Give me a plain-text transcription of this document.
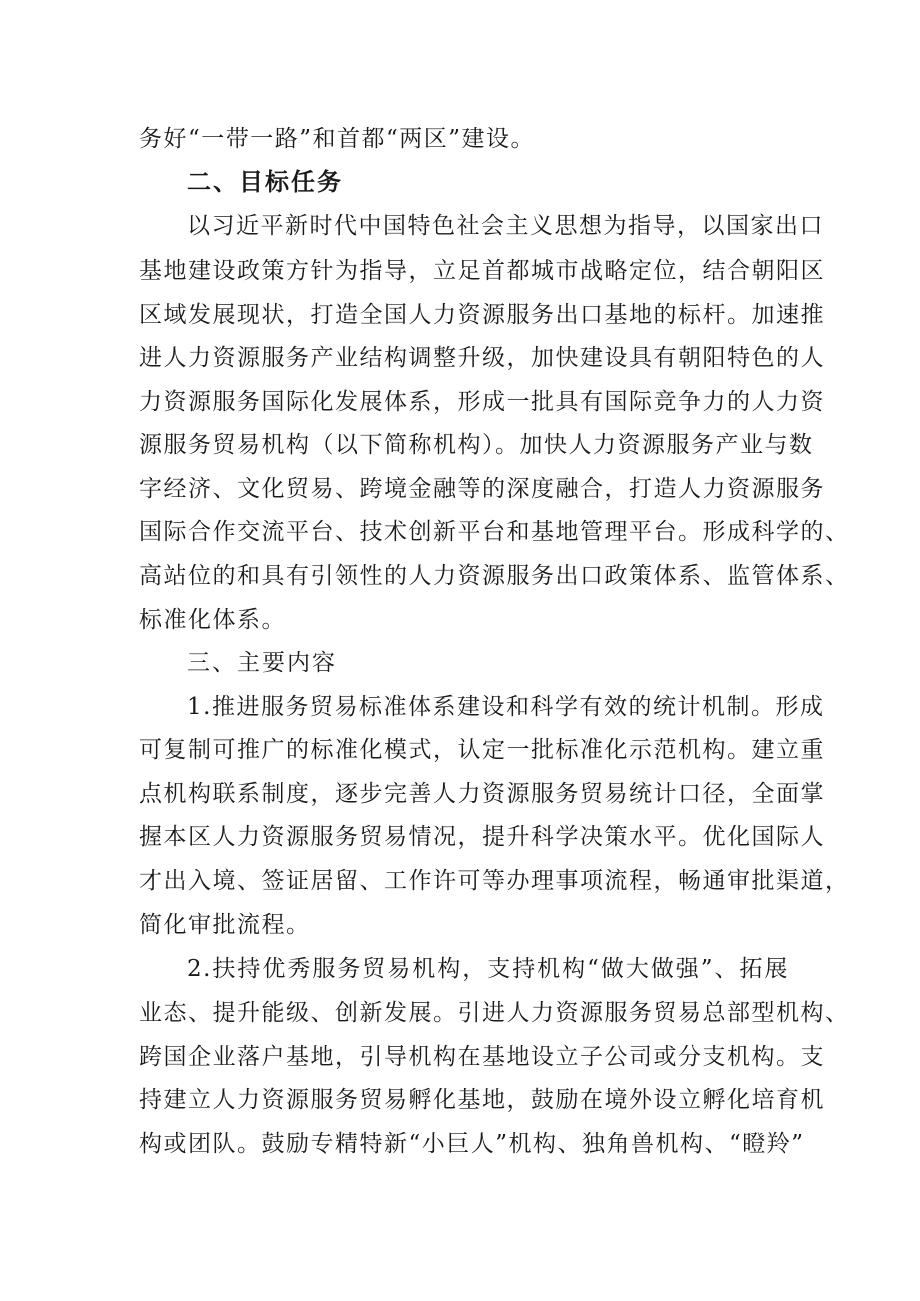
务好“一带一路”和首都“两区”建设。
二、目标任务
以习近平新时代中国特色社会主义思想为指导，以国家出口
基地建设政策方针为指导，立足首都城市战略定位，结合朝阳区
区域发展现状，打造全国人力资源服务出口基地的标杆。加速推
进人力资源服务产业结构调整升级，加快建设具有朝阳特色的人
力资源服务国际化发展体系，形成一批具有国际竞争力的人力资
源服务贸易机构（以下简称机构）。加快人力资源服务产业与数
字经济、文化贸易、跨境金融等的深度融合，打造人力资源服务
国际合作交流平台、技术创新平台和基地管理平台。形成科学的、
高站位的和具有引领性的人力资源服务出口政策体系、监管体系、
标准化体系。
三、主要内容
1.推进服务贸易标准体系建设和科学有效的统计机制。形成
可复制可推广的标准化模式，认定一批标准化示范机构。建立重
点机构联系制度，逐步完善人力资源服务贸易统计口径，全面掌
握本区人力资源服务贸易情况，提升科学决策水平。优化国际人
才出入境、签证居留、工作许可等办理事项流程，畅通审批渠道，
简化审批流程。
2.扶持优秀服务贸易机构，支持机构“做大做强”、拓展
业态、提升能级、创新发展。引进人力资源服务贸易总部型机构、
跨国企业落户基地，引导机构在基地设立子公司或分支机构。支
持建立人力资源服务贸易孵化基地，鼓励在境外设立孵化培育机
构或团队。鼓励专精特新“小巨人”机构、独角兽机构、“瞪羚”
